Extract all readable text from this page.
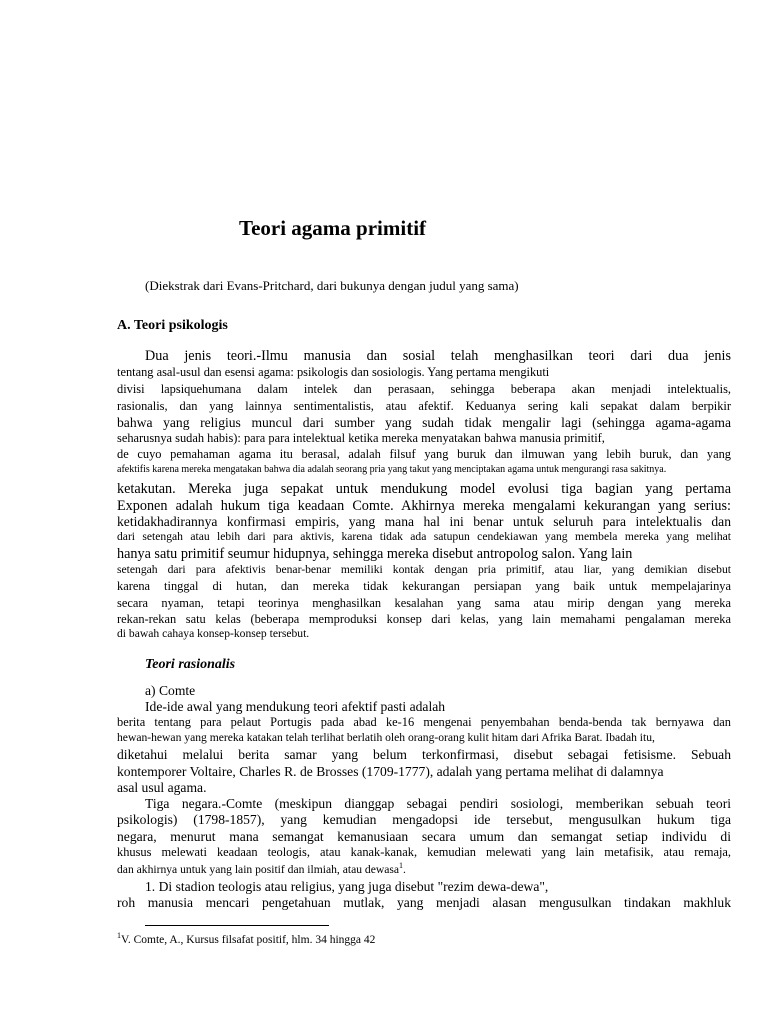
Teori agama primitif
(Diekstrak dari Evans-Pritchard, dari bukunya dengan judul yang sama)
A. Teori psikologis
Dua jenis teori.-Ilmu manusia dan sosial telah menghasilkan teori dari dua jenis
tentang asal-usul dan esensi agama: psikologis dan sosiologis. Yang pertama mengikuti
divisi lapsiquehumana dalam intelek dan perasaan, sehingga beberapa akan menjadi intelektualis,
rasionalis, dan yang lainnya sentimentalistis, atau afektif. Keduanya sering kali sepakat dalam berpikir
bahwa yang religius muncul dari sumber yang sudah tidak mengalir lagi (sehingga agama-agama
seharusnya sudah habis): para para intelektual ketika mereka menyatakan bahwa manusia primitif,
de cuyo pemahaman agama itu berasal, adalah filsuf yang buruk dan ilmuwan yang lebih buruk, dan yang
afektifis karena mereka mengatakan bahwa dia adalah seorang pria yang takut yang menciptakan agama untuk mengurangi rasa sakitnya.
ketakutan. Mereka juga sepakat untuk mendukung model evolusi tiga bagian yang pertama
Exponen adalah hukum tiga keadaan Comte. Akhirnya mereka mengalami kekurangan yang serius:
ketidakhadirannya konfirmasi empiris, yang mana hal ini benar untuk seluruh para intelektualis dan
dari setengah atau lebih dari para aktivis, karena tidak ada satupun cendekiawan yang membela mereka yang melihat
hanya satu primitif seumur hidupnya, sehingga mereka disebut antropolog salon. Yang lain
setengah dari para afektivis benar-benar memiliki kontak dengan pria primitif, atau liar, yang demikian disebut
karena tinggal di hutan, dan mereka tidak kekurangan persiapan yang baik untuk mempelajarinya
secara nyaman, tetapi teorinya menghasilkan kesalahan yang sama atau mirip dengan yang mereka
rekan-rekan satu kelas (beberapa memproduksi konsep dari kelas, yang lain memahami pengalaman mereka
di bawah cahaya konsep-konsep tersebut.
Teori rasionalis
a) Comte
Ide-ide awal yang mendukung teori afektif pasti adalah
berita tentang para pelaut Portugis pada abad ke-16 mengenai penyembahan benda-benda tak bernyawa dan
hewan-hewan yang mereka katakan telah terlihat berlatih oleh orang-orang kulit hitam dari Afrika Barat. Ibadah itu,
diketahui melalui berita samar yang belum terkonfirmasi, disebut sebagai fetisisme. Sebuah
kontemporer Voltaire, Charles R. de Brosses (1709-1777), adalah yang pertama melihat di dalamnya
asal usul agama.
Tiga negara.-Comte (meskipun dianggap sebagai pendiri sosiologi, memberikan sebuah teori
psikologis) (1798-1857), yang kemudian mengadopsi ide tersebut, mengusulkan hukum tiga
negara, menurut mana semangat kemanusiaan secara umum dan semangat setiap individu di
khusus melewati keadaan teologis, atau kanak-kanak, kemudian melewati yang lain metafisik, atau remaja,
dan akhirnya untuk yang lain positif dan ilmiah, atau dewasa$^1$.
1. Di stadion teologis atau religius, yang juga disebut "rezim dewa-dewa",
roh manusia mencari pengetahuan mutlak, yang menjadi alasan mengusulkan tindakan makhluk
$^1$V. Comte, A., Kursus filsafat positif, hlm. 34 hingga 42
